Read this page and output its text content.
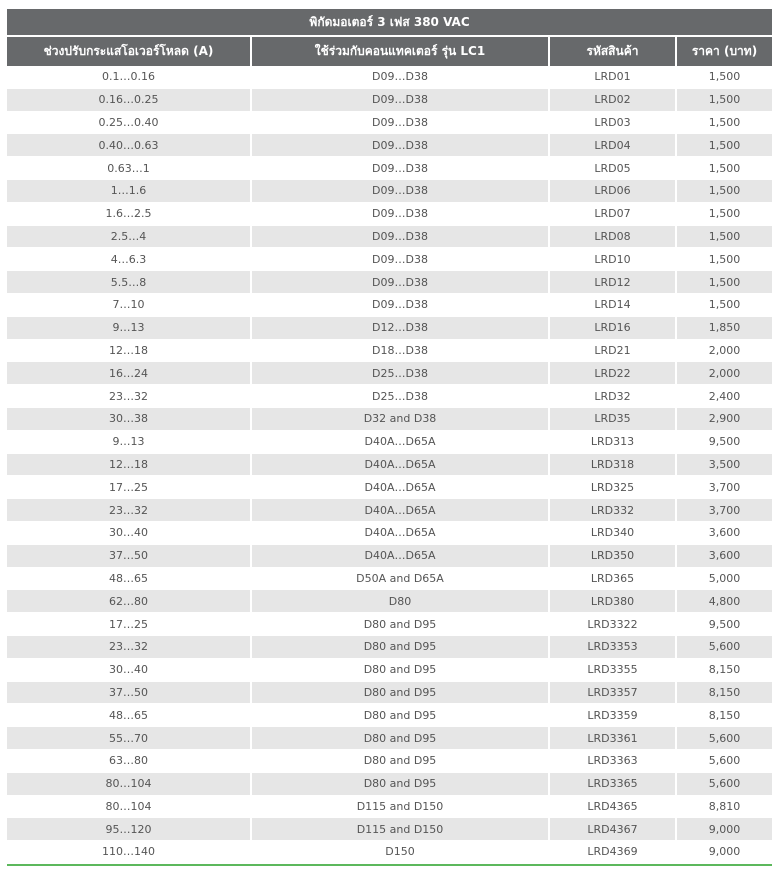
พิกัดมอเตอร์ 3 เฟส 380 VAC			
ช่วงปรับกระแสโอเวอร์โหลด (A)	ใช้ร่วมกับคอนแทคเตอร์ รุ่น LC1	รหัสสินค้า	ราคา (บาท)
0.1…0.16	D09…D38	LRD01	1,500
0.16…0.25	D09…D38	LRD02	1,500
0.25…0.40	D09…D38	LRD03	1,500
0.40…0.63	D09…D38	LRD04	1,500
0.63…1	D09…D38	LRD05	1,500
1…1.6	D09…D38	LRD06	1,500
1.6…2.5	D09…D38	LRD07	1,500
2.5…4	D09…D38	LRD08	1,500
4…6.3	D09…D38	LRD10	1,500
5.5…8	D09…D38	LRD12	1,500
7…10	D09…D38	LRD14	1,500
9…13	D12…D38	LRD16	1,850
12…18	D18…D38	LRD21	2,000
16…24	D25…D38	LRD22	2,000
23…32	D25…D38	LRD32	2,400
30…38	D32 and D38	LRD35	2,900
9…13	D40A…D65A	LRD313	9,500
12…18	D40A…D65A	LRD318	3,500
17…25	D40A…D65A	LRD325	3,700
23…32	D40A…D65A	LRD332	3,700
30…40	D40A…D65A	LRD340	3,600
37…50	D40A…D65A	LRD350	3,600
48…65	D50A and D65A	LRD365	5,000
62…80	D80	LRD380	4,800
17…25	D80 and D95	LRD3322	9,500
23…32	D80 and D95	LRD3353	5,600
30…40	D80 and D95	LRD3355	8,150
37…50	D80 and D95	LRD3357	8,150
48…65	D80 and D95	LRD3359	8,150
55…70	D80 and D95	LRD3361	5,600
63…80	D80 and D95	LRD3363	5,600
80…104	D80 and D95	LRD3365	5,600
80…104	D115 and D150	LRD4365	8,810
95…120	D115 and D150	LRD4367	9,000
110…140	D150	LRD4369	9,000
